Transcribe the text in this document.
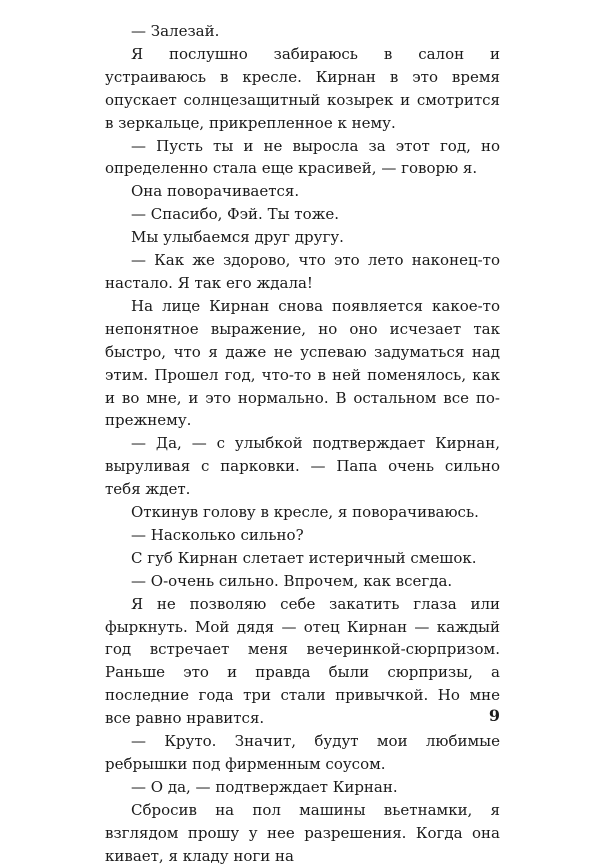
— Залезай.

Я послушно забираюсь в салон и устраиваюсь в кресле. Кирнан в это время опускает солнцезащитный козырек и смотрится в зеркальце, прикрепленное к нему.

— Пусть ты и не выросла за этот год, но определенно стала еще красивей, — говорю я.

Она поворачивается.

— Спасибо, Фэй. Ты тоже.

Мы улыбаемся друг другу.

— Как же здорово, что это лето наконец-то настало. Я так его ждала!

На лице Кирнан снова появляется какое-то непонятное выражение, но оно исчезает так быстро, что я даже не успеваю задуматься над этим. Прошел год, что-то в ней поменялось, как и во мне, и это нормально. В остальном все по-прежнему.

— Да, — с улыбкой подтверждает Кирнан, выруливая с парковки. — Папа очень сильно тебя ждет.

Откинув голову в кресле, я поворачиваюсь.

— Насколько сильно?

С губ Кирнан слетает истеричный смешок.

— О-очень сильно. Впрочем, как всегда.

Я не позволяю себе закатить глаза или фыркнуть. Мой дядя — отец Кирнан — каждый год встречает меня вечеринкой-сюрпризом. Раньше это и правда были сюрпризы, а последние года три стали привычкой. Но мне все равно нравится.

— Круто. Значит, будут мои любимые ребрышки под фирменным соусом.

— О да, — подтверждает Кирнан.

Сбросив на пол машины вьетнамки, я взглядом прошу у нее разрешения. Когда она кивает, я кладу ноги на

9
